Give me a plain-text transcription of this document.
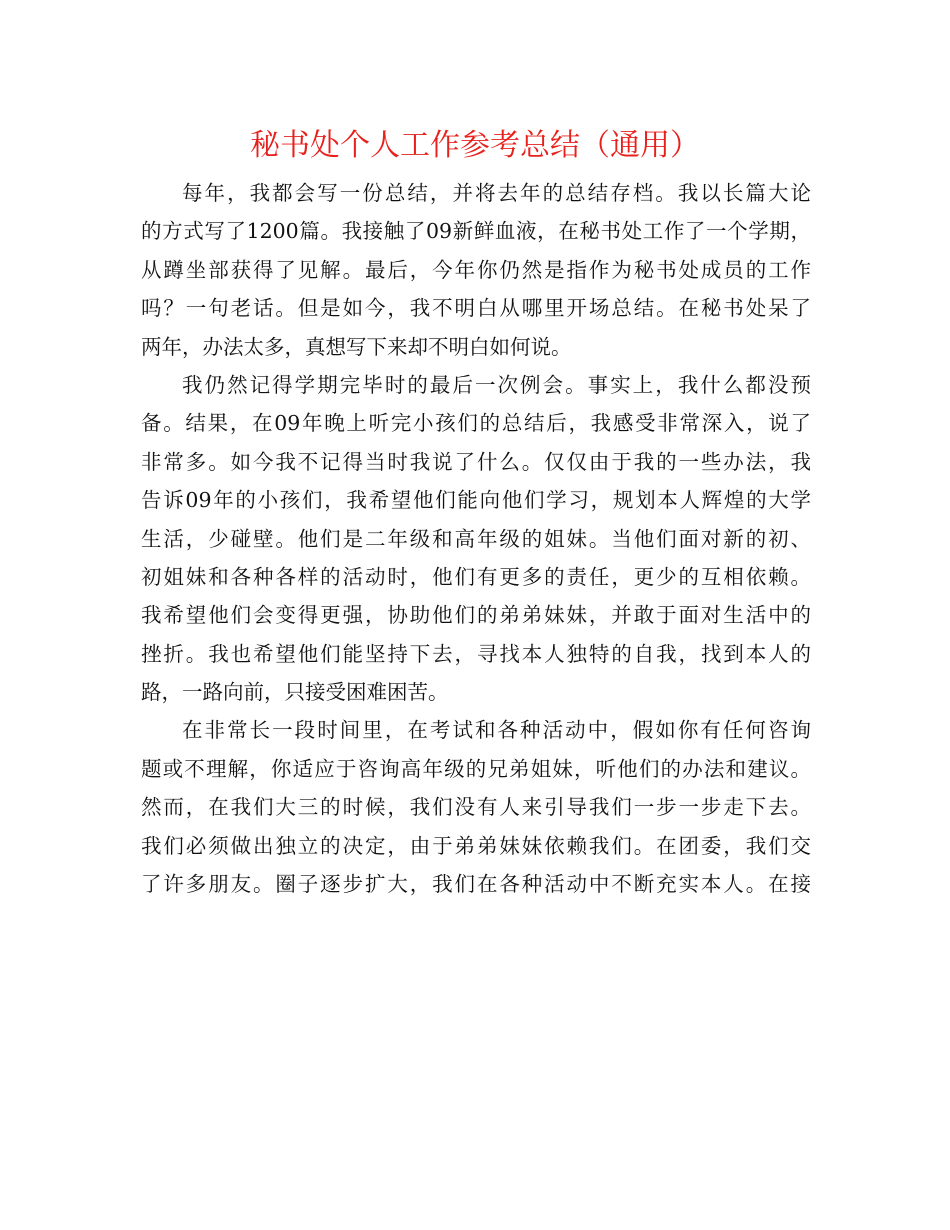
秘书处个人工作参考总结（通用）
每年，我都会写一份总结，并将去年的总结存档。我以长篇大论
的方式写了1200篇。我接触了09新鲜血液，在秘书处工作了一个学期，
从蹲坐部获得了见解。最后，今年你仍然是指作为秘书处成员的工作
吗？一句老话。但是如今，我不明白从哪里开场总结。在秘书处呆了
两年，办法太多，真想写下来却不明白如何说。
我仍然记得学期完毕时的最后一次例会。事实上，我什么都没预
备。结果，在09年晚上听完小孩们的总结后，我感受非常深入，说了
非常多。如今我不记得当时我说了什么。仅仅由于我的一些办法，我
告诉09年的小孩们，我希望他们能向他们学习，规划本人辉煌的大学
生活，少碰壁。他们是二年级和高年级的姐妹。当他们面对新的初、
初姐妹和各种各样的活动时，他们有更多的责任，更少的互相依赖。
我希望他们会变得更强，协助他们的弟弟妹妹，并敢于面对生活中的
挫折。我也希望他们能坚持下去，寻找本人独特的自我，找到本人的
路，一路向前，只接受困难困苦。
在非常长一段时间里，在考试和各种活动中，假如你有任何咨询
题或不理解，你适应于咨询高年级的兄弟姐妹，听他们的办法和建议。
然而，在我们大三的时候，我们没有人来引导我们一步一步走下去。
我们必须做出独立的决定，由于弟弟妹妹依赖我们。在团委，我们交
了许多朋友。圈子逐步扩大，我们在各种活动中不断充实本人。在接
